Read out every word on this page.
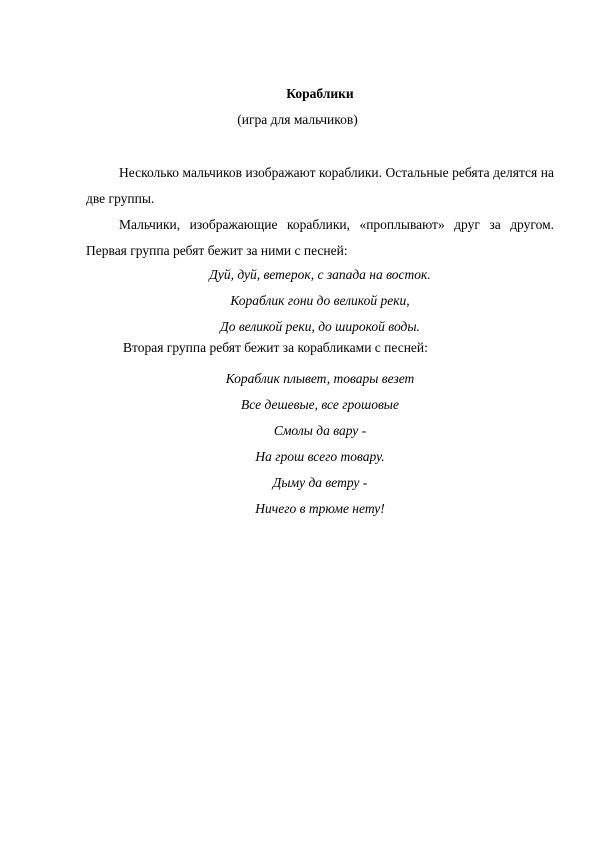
Кораблики
(игра для мальчиков)

Несколько мальчиков изображают кораблики. Остальные ребята делятся на две группы.

Мальчики, изображающие кораблики, «проплывают» друг за другом. Первая группа ребят бежит за ними с песней:

Дуй, дуй, ветерок, с запада на восток.
Кораблик гони до великой реки,
До великой реки, до широкой воды.

Вторая группа ребят бежит за корабликами с песней:

Кораблик плывет, товары везет
Все дешевые, все грошовые
Смолы да вару -
На грош всего товару.
Дыму да ветру -
Ничего в трюме нету!
